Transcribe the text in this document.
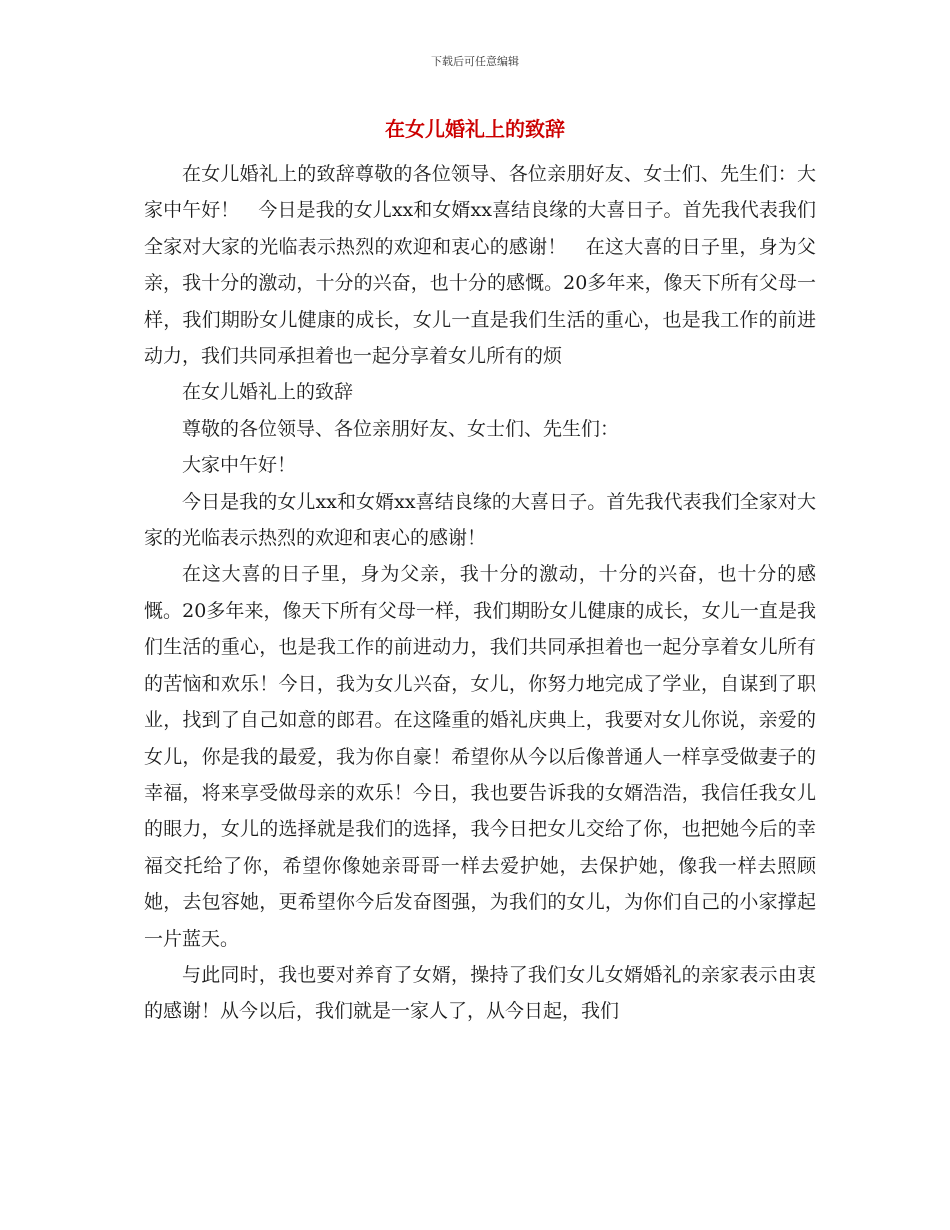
下载后可任意编辑
在女儿婚礼上的致辞

在女儿婚礼上的致辞尊敬的各位领导、各位亲朋好友、女士们、先生们：大家中午好！　今日是我的女儿xx和女婿xx喜结良缘的大喜日子。首先我代表我们全家对大家的光临表示热烈的欢迎和衷心的感谢！　在这大喜的日子里，身为父亲，我十分的激动，十分的兴奋，也十分的感慨。20多年来，像天下所有父母一样，我们期盼女儿健康的成长，女儿一直是我们生活的重心，也是我工作的前进动力，我们共同承担着也一起分享着女儿所有的烦

在女儿婚礼上的致辞

尊敬的各位领导、各位亲朋好友、女士们、先生们：

大家中午好！

今日是我的女儿xx和女婿xx喜结良缘的大喜日子。首先我代表我们全家对大家的光临表示热烈的欢迎和衷心的感谢！

在这大喜的日子里，身为父亲，我十分的激动，十分的兴奋，也十分的感慨。20多年来，像天下所有父母一样，我们期盼女儿健康的成长，女儿一直是我们生活的重心，也是我工作的前进动力，我们共同承担着也一起分享着女儿所有的苦恼和欢乐！今日，我为女儿兴奋，女儿，你努力地完成了学业，自谋到了职业，找到了自己如意的郎君。在这隆重的婚礼庆典上，我要对女儿你说，亲爱的女儿，你是我的最爱，我为你自豪！希望你从今以后像普通人一样享受做妻子的幸福，将来享受做母亲的欢乐！今日，我也要告诉我的女婿浩浩，我信任我女儿的眼力，女儿的选择就是我们的选择，我今日把女儿交给了你，也把她今后的幸福交托给了你，希望你像她亲哥哥一样去爱护她，去保护她，像我一样去照顾她，去包容她，更希望你今后发奋图强，为我们的女儿，为你们自己的小家撑起一片蓝天。

与此同时，我也要对养育了女婿，操持了我们女儿女婿婚礼的亲家表示由衷的感谢！从今以后，我们就是一家人了，从今日起，我们
